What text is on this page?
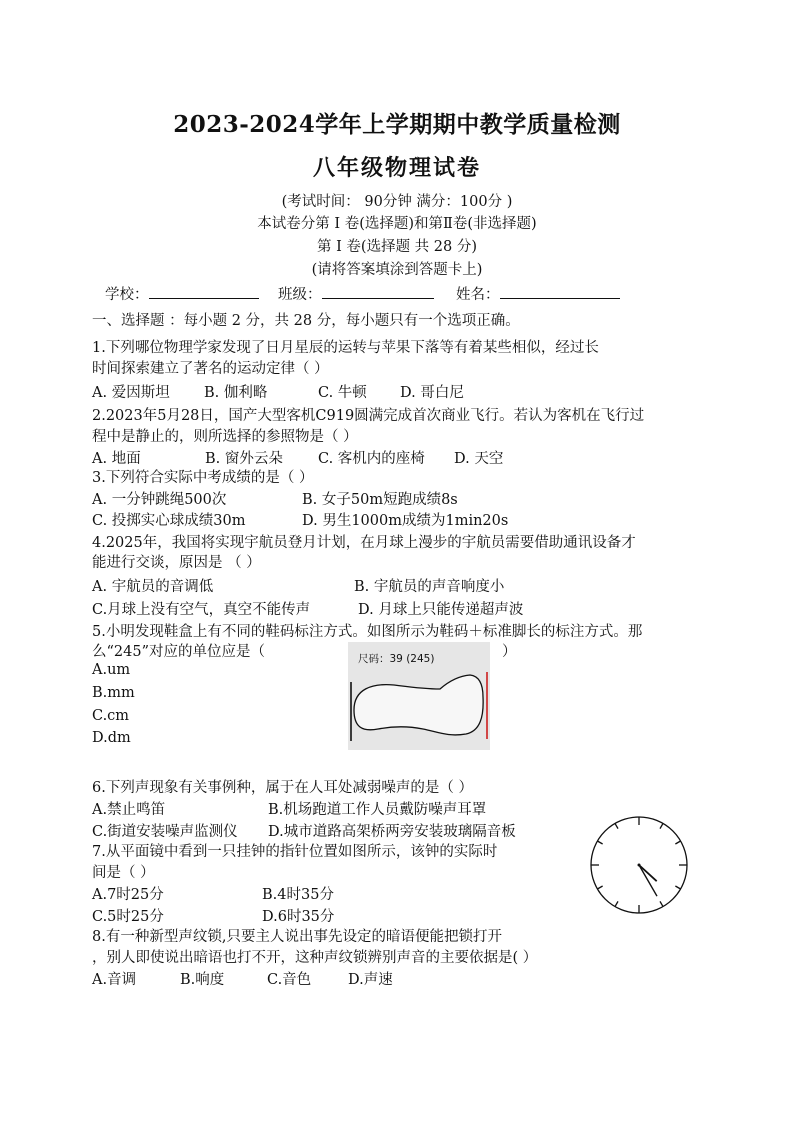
2023-2024学年上学期期中教学质量检测
八年级物理试卷
(考试时间： 90分钟 满分：100分 )
本试卷分第 Ⅰ 卷(选择题)和第Ⅱ卷(非选择题)
第 Ⅰ 卷(选择题 共 28 分)
(请将答案填涂到答题卡上)
学校：	班级：	姓名：
一、选择题 ：每小题 2 分，共 28 分，每小题只有一个选项正确。
1.下列哪位物理学家发现了日月星辰的运转与苹果下落等有着某些相似，经过长
时间探索建立了著名的运动定律（ ）
A. 爱因斯坦 B. 伽利略	C. 牛顿 D. 哥白尼
2.2023年5月28日，国产大型客机C919圆满完成首次商业飞行。若认为客机在飞行过
程中是静止的，则所选择的参照物是（ ）
A. 地面	B. 窗外云朵 C. 客机内的座椅 D. 天空
3.下列符合实际中考成绩的是（ ）
A. 一分钟跳绳500次	B. 女子50m短跑成绩8s
C. 投掷实心球成绩30m	D. 男生1000m成绩为1min20s
4.2025年，我国将实现宇航员登月计划，在月球上漫步的宇航员需要借助通讯设备才
能进行交谈，原因是 （ ）
A. 宇航员的音调低	B. 宇航员的声音响度小
C.月球上没有空气，真空不能传声	D. 月球上只能传递超声波
5.小明发现鞋盒上有不同的鞋码标注方式。如图所示为鞋码＋标准脚长的标注方式。那
么“245”对应的单位应是（	）
A.um
B.mm
C.cm
D.dm
尺码：39 (245)
6.下列声现象有关事例种，属于在人耳处减弱噪声的是（ ）
A.禁止鸣笛	B.机场跑道工作人员戴防噪声耳罩
C.街道安装噪声监测仪 D.城市道路高架桥两旁安装玻璃隔音板
7.从平面镜中看到一只挂钟的指针位置如图所示，该钟的实际时
间是（ ）
A.7时25分	B.4时35分
C.5时25分	D.6时35分
8.有一种新型声纹锁,只要主人说出事先设定的暗语便能把锁打开
，别人即使说出暗语也打不开，这种声纹锁辨别声音的主要依据是( ）
A.音调	B.响度	C.音色	D.声速
